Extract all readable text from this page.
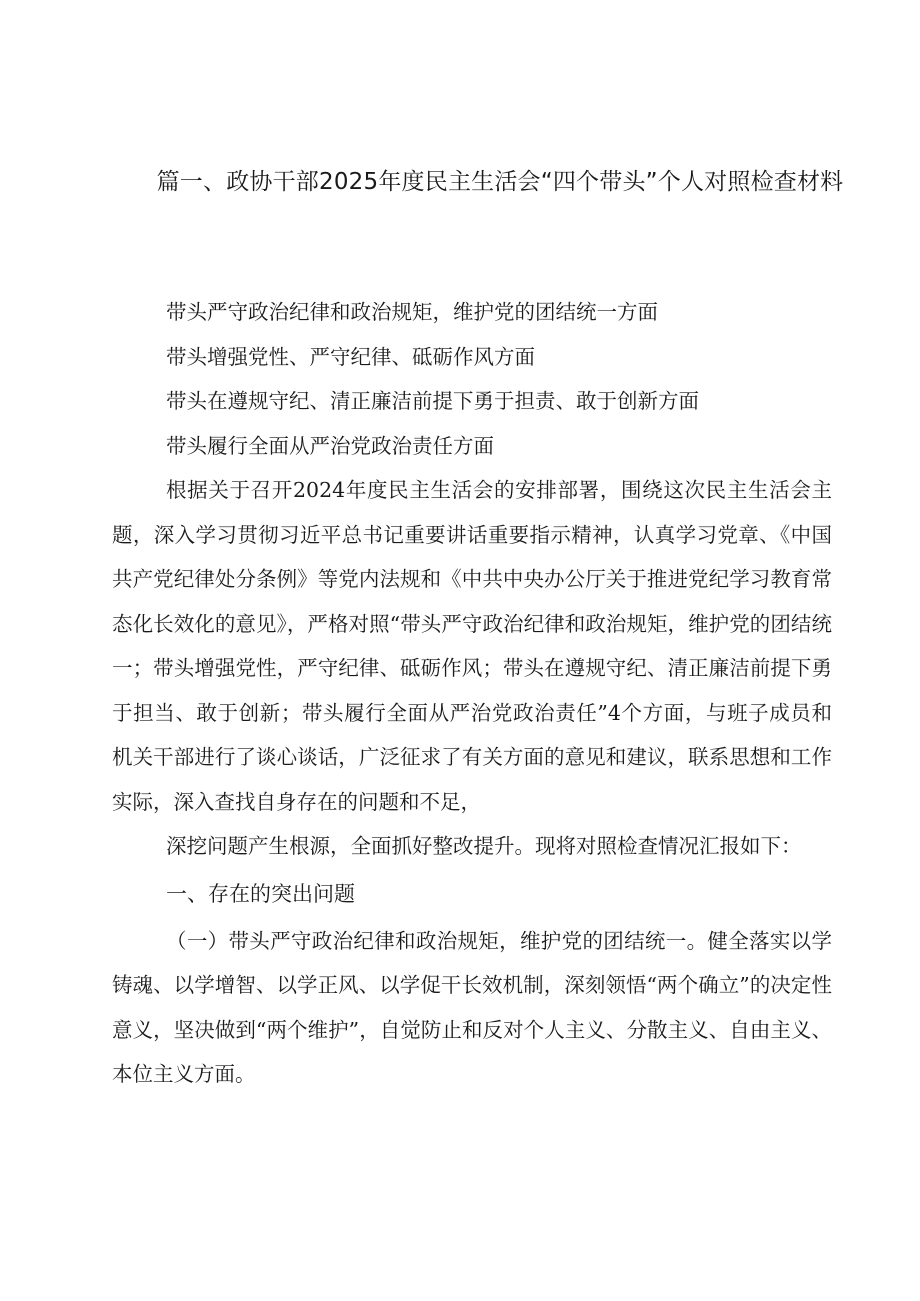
篇一、政协干部2025年度民主生活会“四个带头”个人对照检查材料

带头严守政治纪律和政治规矩，维护党的团结统一方面

带头增强党性、严守纪律、砥砺作风方面

带头在遵规守纪、清正廉洁前提下勇于担责、敢于创新方面

带头履行全面从严治党政治责任方面

根据关于召开2024年度民主生活会的安排部署，围绕这次民主生活会主题，深入学习贯彻习近平总书记重要讲话重要指示精神，认真学习党章、《中国共产党纪律处分条例》等党内法规和《中共中央办公厅关于推进党纪学习教育常态化长效化的意见》，严格对照“带头严守政治纪律和政治规矩，维护党的团结统一；带头增强党性，严守纪律、砥砺作风；带头在遵规守纪、清正廉洁前提下勇于担当、敢于创新；带头履行全面从严治党政治责任”4个方面，与班子成员和机关干部进行了谈心谈话，广泛征求了有关方面的意见和建议，联系思想和工作实际，深入查找自身存在的问题和不足，

深挖问题产生根源，全面抓好整改提升。现将对照检查情况汇报如下：

一、存在的突出问题

（一）带头严守政治纪律和政治规矩，维护党的团结统一。健全落实以学铸魂、以学增智、以学正风、以学促干长效机制，深刻领悟“两个确立”的决定性意义，坚决做到“两个维护”，自觉防止和反对个人主义、分散主义、自由主义、本位主义方面。
